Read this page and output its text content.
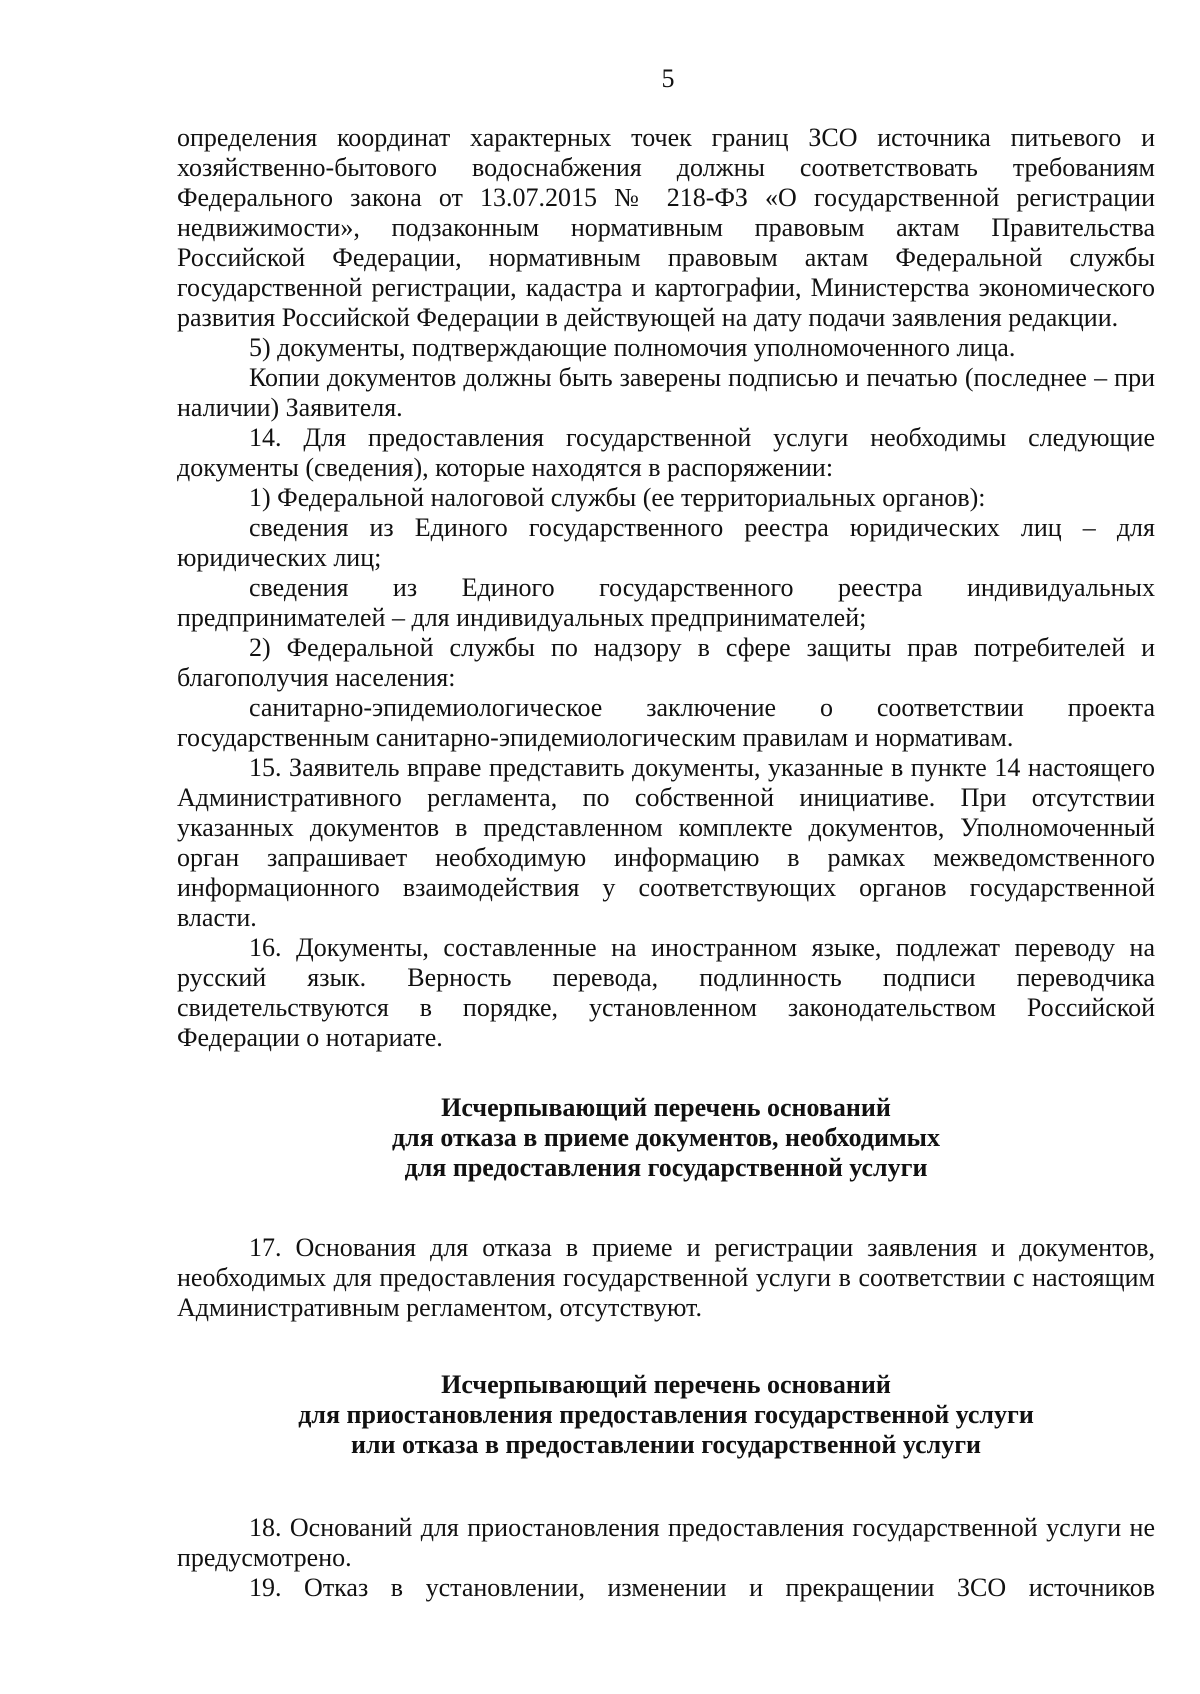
5

определения координат характерных точек границ ЗСО источника питьевого и хозяйственно-бытового водоснабжения должны соответствовать требованиям Федерального закона от 13.07.2015 № 218-ФЗ «О государственной регистрации недвижимости», подзаконным нормативным правовым актам Правительства Российской Федерации, нормативным правовым актам Федеральной службы государственной регистрации, кадастра и картографии, Министерства экономического развития Российской Федерации в действующей на дату подачи заявления редакции.

5) документы, подтверждающие полномочия уполномоченного лица.

Копии документов должны быть заверены подписью и печатью (последнее – при наличии) Заявителя.

14. Для предоставления государственной услуги необходимы следующие документы (сведения), которые находятся в распоряжении:

1) Федеральной налоговой службы (ее территориальных органов):

сведения из Единого государственного реестра юридических лиц – для юридических лиц;

сведения из Единого государственного реестра индивидуальных предпринимателей – для индивидуальных предпринимателей;

2) Федеральной службы по надзору в сфере защиты прав потребителей и благополучия населения:

санитарно-эпидемиологическое заключение о соответствии проекта государственным санитарно-эпидемиологическим правилам и нормативам.

15. Заявитель вправе представить документы, указанные в пункте 14 настоящего Административного регламента, по собственной инициативе. При отсутствии указанных документов в представленном комплекте документов, Уполномоченный орган запрашивает необходимую информацию в рамках межведомственного информационного взаимодействия у соответствующих органов государственной власти.

16. Документы, составленные на иностранном языке, подлежат переводу на русский язык. Верность перевода, подлинность подписи переводчика свидетельствуются в порядке, установленном законодательством Российской Федерации о нотариате.

Исчерпывающий перечень оснований
для отказа в приеме документов, необходимых
для предоставления государственной услуги

17. Основания для отказа в приеме и регистрации заявления и документов, необходимых для предоставления государственной услуги в соответствии с настоящим Административным регламентом, отсутствуют.

Исчерпывающий перечень оснований
для приостановления предоставления государственной услуги
или отказа в предоставлении государственной услуги

18. Оснований для приостановления предоставления государственной услуги не предусмотрено.

19. Отказ в установлении, изменении и прекращении ЗСО источников
